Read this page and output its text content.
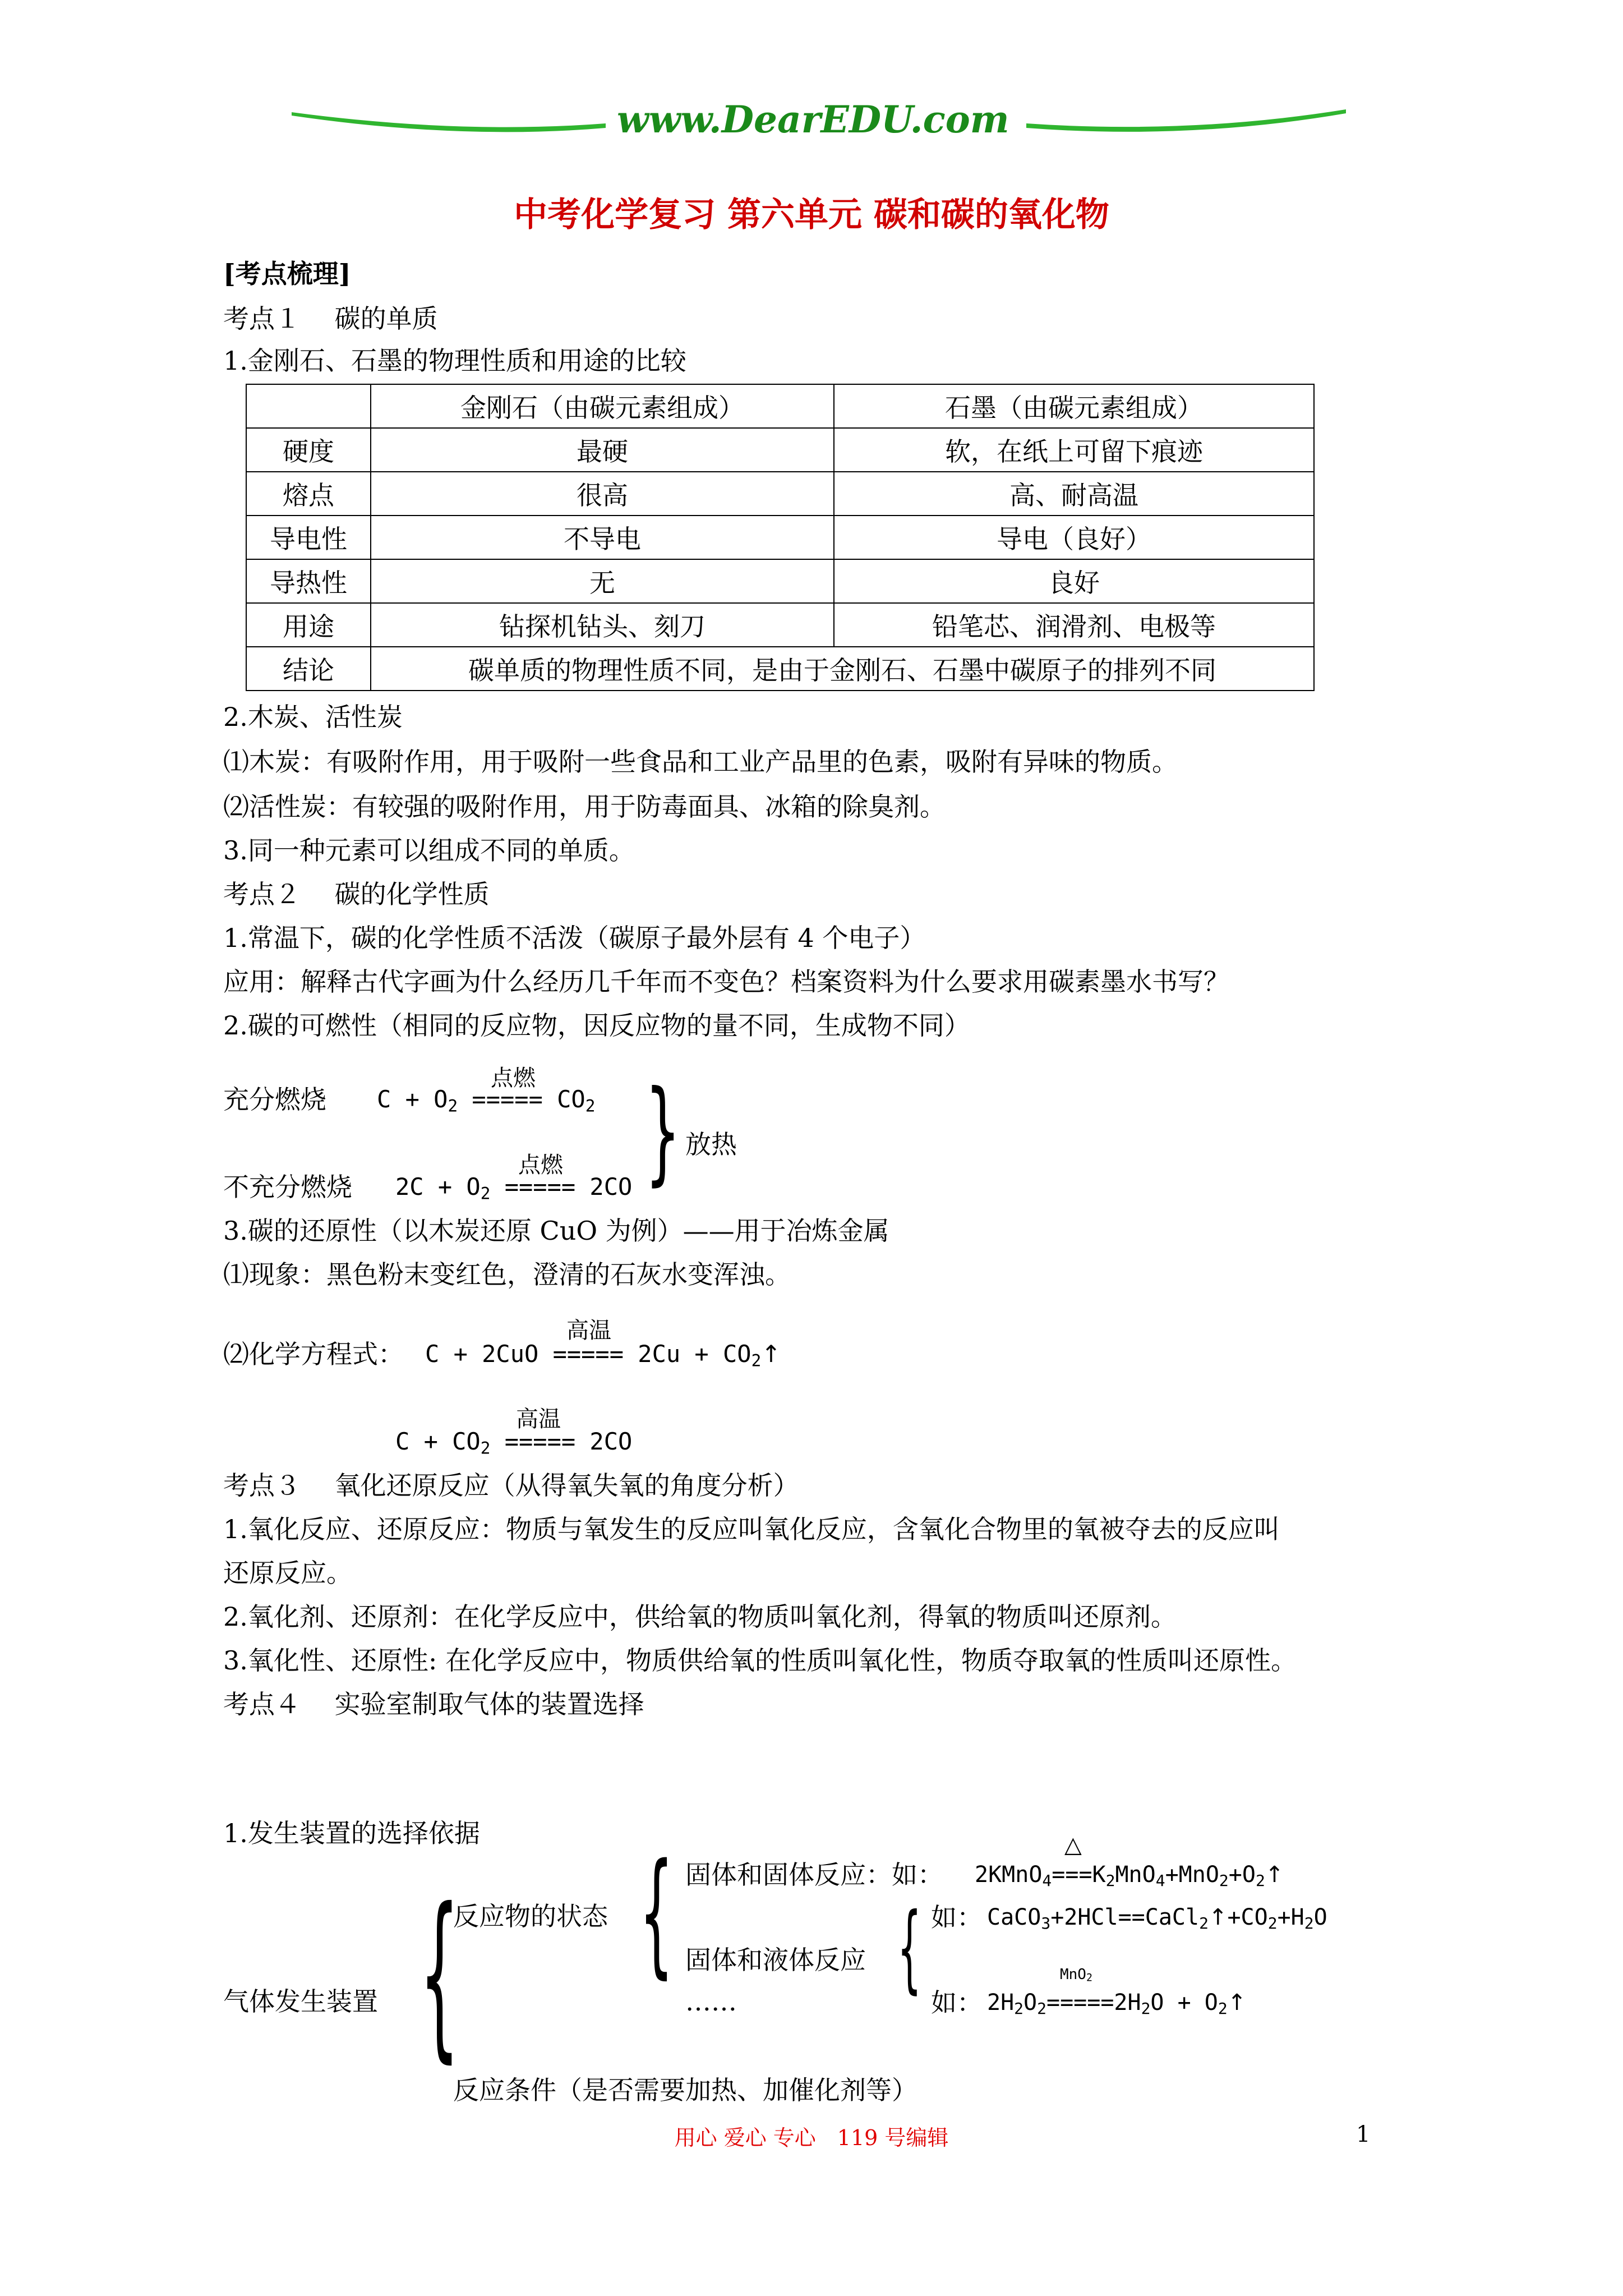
www.DearEDU.com
中考化学复习 第六单元 碳和碳的氧化物
[考点梳理]
考点１　 碳的单质
1.金刚石、石墨的物理性质和用途的比较
	金刚石（由碳元素组成）	石墨（由碳元素组成）
硬度	最硬	软，在纸上可留下痕迹
熔点	很高	高、耐高温
导电性	不导电	导电（良好）
导热性	无	良好
用途	钻探机钻头、刻刀	铅笔芯、润滑剂、电极等
结论	碳单质的物理性质不同，是由于金刚石、石墨中碳原子的排列不同	
2.木炭、活性炭
⑴木炭：有吸附作用，用于吸附一些食品和工业产品里的色素，吸附有异味的物质。
⑵活性炭：有较强的吸附作用，用于防毒面具、冰箱的除臭剂。
3.同一种元素可以组成不同的单质。
考点２　 碳的化学性质
1.常温下，碳的化学性质不活泼（碳原子最外层有 4 个电子）
应用：解释古代字画为什么经历几千年而不变色？档案资料为什么要求用碳素墨水书写？
2.碳的可燃性（相同的反应物，因反应物的量不同，生成物不同）
点燃
充分燃烧 $C + O_2$ ===== $CO_2$ } 放热
点燃
不充分燃烧 $2C + O_2$ ===== 2CO
3.碳的还原性（以木炭还原 CuO 为例）——用于冶炼金属
⑴现象：黑色粉末变红色，澄清的石灰水变浑浊。
高温
⑵化学方程式： C + 2CuO ===== $2Cu + CO_2↑$
高温
$C + CO_2$ ===== 2CO
考点３　 氧化还原反应（从得氧失氧的角度分析）
1.氧化反应、还原反应：物质与氧发生的反应叫氧化反应，含氧化合物里的氧被夺去的反应叫
还原反应。
2.氧化剂、还原剂：在化学反应中，供给氧的物质叫氧化剂，得氧的物质叫还原剂。
3.氧化性、还原性: 在化学反应中，物质供给氧的性质叫氧化性，物质夺取氧的性质叫还原性。
考点４　 实验室制取气体的装置选择
1.发生装置的选择依据	△
固体和固体反应：如： $2KMnO_4===K_2MnO_4+MnO_2+O_2↑$
{
反应物的状态	如： $CaCO_3+2HCl==CaCl_2↑+CO_2+H_2O$
{	固体和液体反应 {	MnO2
气体发生装置	……	如： $2H_2O_2=====2H_2O$ + $O_2↑$
反应条件（是否需要加热、加催化剂等）
用心 爱心 专心　119 号编辑	1
